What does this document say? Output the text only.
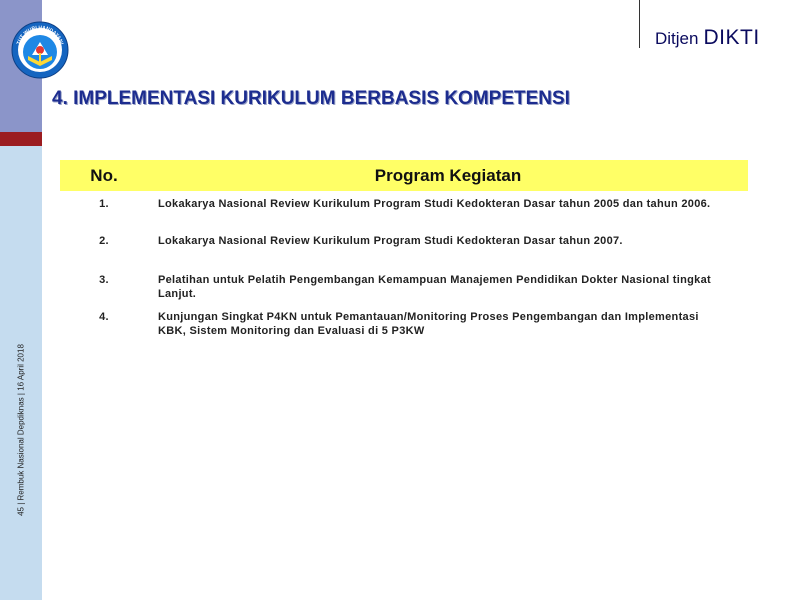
TUT WURI HANDAYANI	Ditjen DIKTI
4. IMPLEMENTASI KURIKULUM BERBASIS KOMPETENSI
No.	Program Kegiatan
1.	Lokakarya Nasional Review Kurikulum Program Studi Kedokteran Dasar tahun 2005 dan tahun 2006.
2.	Lokakarya Nasional Review Kurikulum Program Studi Kedokteran Dasar tahun 2007.
3.	Pelatihan untuk Pelatih Pengembangan Kemampuan Manajemen Pendidikan Dokter Nasional tingkat Lanjut.
4.	Kunjungan Singkat P4KN untuk Pemantauan/Monitoring Proses Pengembangan dan Implementasi KBK, Sistem Monitoring dan Evaluasi di 5 P3KW
45 | Rembuk Nasional Depdiknas | 16 April 2018
